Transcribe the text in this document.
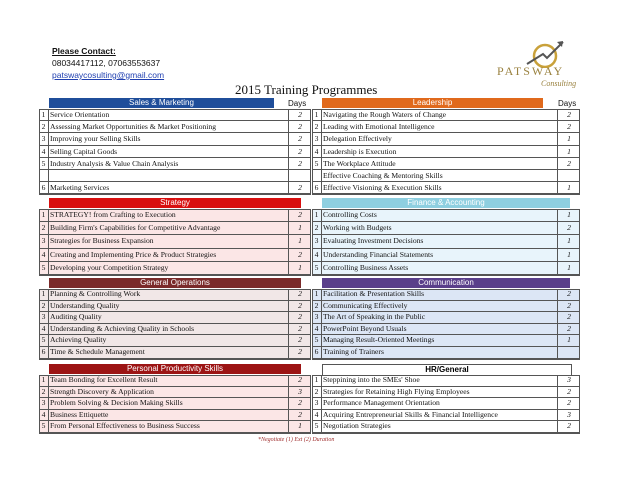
Please Contact:
08034417112, 07063553637
patswaycosulting@gmail.com	PATSWAY
Consulting
2015 Training Programmes
Days	Days
Sales & Marketing
1 Service Orientation	2
2 Assessing Market Opportunities & Market Positioning	2
3 Improving your Selling Skills	2
4 Selling Capital Goods	2
5 Industry Analysis & Value Chain Analysis	2
6 Marketing Services	2
Leadership
1 Navigating the Rough Waters of Change	2
2 Leading with Emotional Intelligence	2
3 Delegation Effectively	1
4 Leadership is Execution	1
5 The Workplace Attitude	2
Effective Coaching & Mentoring Skills
6 Effective Visioning & Execution Skills	1
Strategy
1 STRATEGY! from Crafting to Execution	2
2 Building Firm's Capabilities for Competitive Advantage	1
3 Strategies for Business Expansion	1
4 Creating and Implementing Price & Product Strategies	2
5 Developing your Competition Strategy	1
Finance & Accounting
1 Controlling Costs	1
2 Working with Budgets	2
3 Evaluating Investment Decisions	1
4 Understanding Financial Statements	1
5 Controlling Business Assets	1
General Operations
1 Planning & Controlling Work	2
2 Understanding Quality	2
3 Auditing Quality	2
4 Understanding & Achieving Quality in Schools	2
5 Achieving Quality	2
6 Time & Schedule Management	2
Communication
1 Facilitation & Presentation Skills	2
2 Communicating Effectively	2
3 The Art of Speaking in the Public	2
4 PowerPoint Beyond Usuals	2
5 Managing Result-Oriented Meetings	1
6 Training of Trainers
Personal Productivity Skills
1 Team Bonding for Excellent Result	2
2 Strength Discovery & Application	3
3 Problem Solving & Decision Making Skills	2
4 Business Ettiquette	2
5 From Personal Effectiveness to Business Success	1
HR/General
1 Steppining into the SMEs' Shoe	3
2 Strategies for Retaining High Flying Employees	2
3 Performance Management Orientation	2
4 Acquiring Entrepreneurial Skills & Financial Intelligence	3
5 Negotiation Strategies	2
*Negotiate (1) Ext (2) Duration
